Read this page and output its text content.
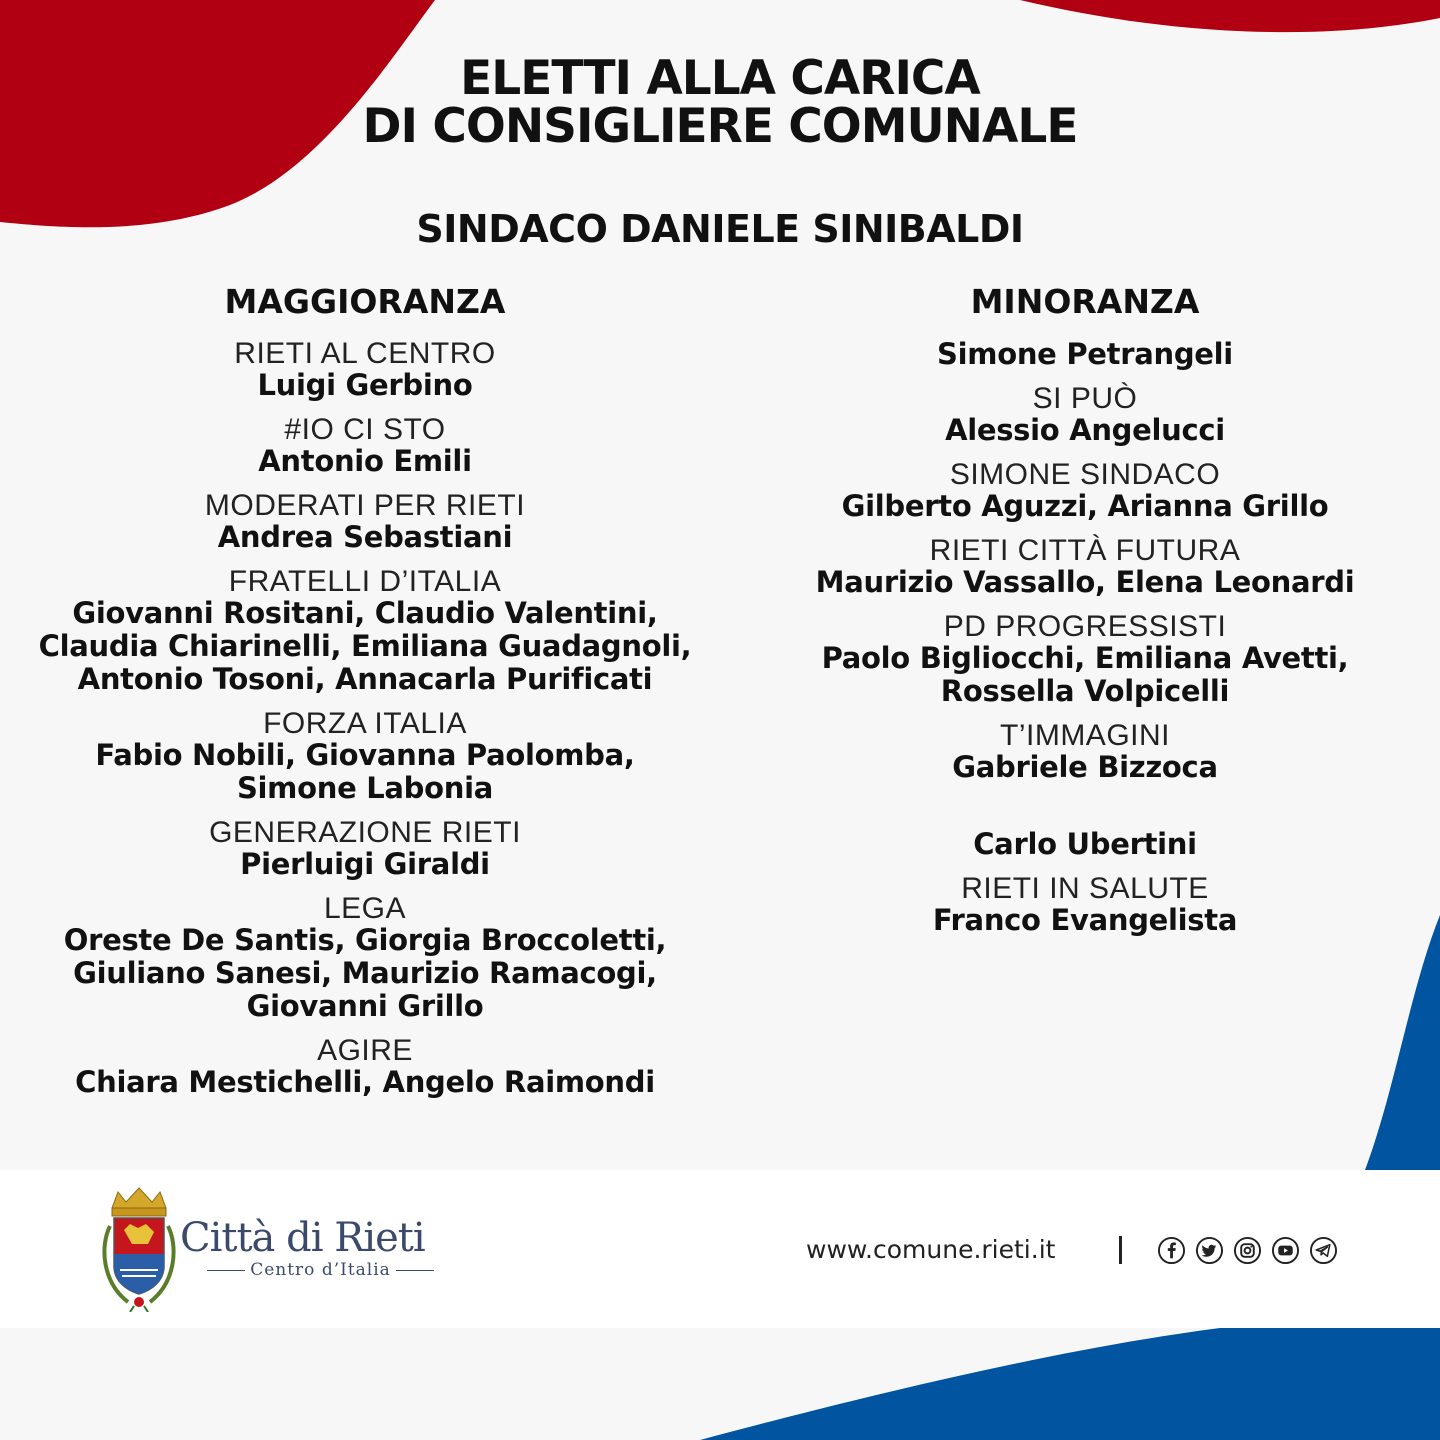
ELETTI ALLA CARICA
DI CONSIGLIERE COMUNALE
SINDACO DANIELE SINIBALDI
MAGGIORANZA
RIETI AL CENTRO
Luigi Gerbino
#IO CI STO
Antonio Emili
MODERATI PER RIETI
Andrea Sebastiani
FRATELLI D’ITALIA
Giovanni Rositani, Claudio Valentini,
Claudia Chiarinelli, Emiliana Guadagnoli,
Antonio Tosoni, Annacarla Purificati
FORZA ITALIA
Fabio Nobili, Giovanna Paolomba,
Simone Labonia
GENERAZIONE RIETI
Pierluigi Giraldi
LEGA
Oreste De Santis, Giorgia Broccoletti,
Giuliano Sanesi, Maurizio Ramacogi,
Giovanni Grillo
AGIRE
Chiara Mestichelli, Angelo Raimondi
MINORANZA
Simone Petrangeli
SI PUÒ
Alessio Angelucci
SIMONE SINDACO
Gilberto Aguzzi, Arianna Grillo
RIETI CITTÀ FUTURA
Maurizio Vassallo, Elena Leonardi
PD PROGRESSISTI
Paolo Bigliocchi, Emiliana Avetti,
Rossella Volpicelli
T’IMMAGINI
Gabriele Bizzoca
Carlo Ubertini
RIETI IN SALUTE
Franco Evangelista
Città di Rieti
Centro d’Italia
www.comune.rieti.it
